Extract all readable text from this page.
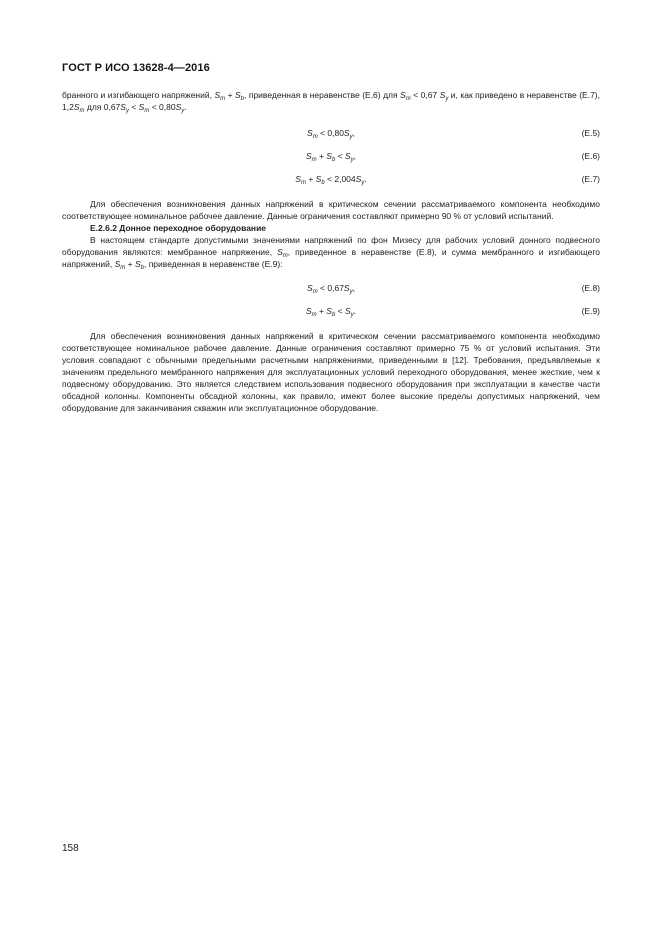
ГОСТ Р ИСО 13628-4—2016

бранного и изгибающего напряжений, $S_m + S_b$, приведенная в неравенстве (E.6) для $S_m < 0,67$ $S_y$ и, как приведено в неравенстве (E.7), $1,2S_m$ для $0,67S_y < S_m < 0,80S_y$.

$S_m < 0,80S_y$,	(E.5)
$S_m + S_b < S_y$,	(E.6)
$S_m + S_b < 2,004S_y$.	(E.7)

Для обеспечения возникновения данных напряжений в критическом сечении рассматриваемого компонента необходимо соответствующее номинальное рабочее давление. Данные ограничения составляют примерно 90 % от условий испытаний.

E.2.6.2 Донное переходное оборудование

В настоящем стандарте допустимыми значениями напряжений по фон Мизесу для рабочих условий донного подвесного оборудования являются: мембранное напряжение, $S_m$, приведенное в неравенстве (E.8), и сумма мембранного и изгибающего напряжений, $S_m + S_b$, приведенная в неравенстве (E.9):

$S_m < 0,67S_y$,	(E.8)
$S_m + S_b < S_y$.	(E.9)

Для обеспечения возникновения данных напряжений в критическом сечении рассматриваемого компонента необходимо соответствующее номинальное рабочее давление. Данные ограничения составляют примерно 75 % от условий испытания. Эти условия совпадают с обычными предельными расчетными напряжениями, приведенными в [12]. Требования, предъявляемые к значениям предельного мембранного напряжения для эксплуатационных условий переходного оборудования, менее жесткие, чем к подвесному оборудованию. Это является следствием использования подвесного оборудования при эксплуатации в качестве части обсадной колонны. Компоненты обсадной колонны, как правило, имеют более высокие пределы допустимых напряжений, чем оборудование для заканчивания скважин или эксплуатационное оборудование.

158
